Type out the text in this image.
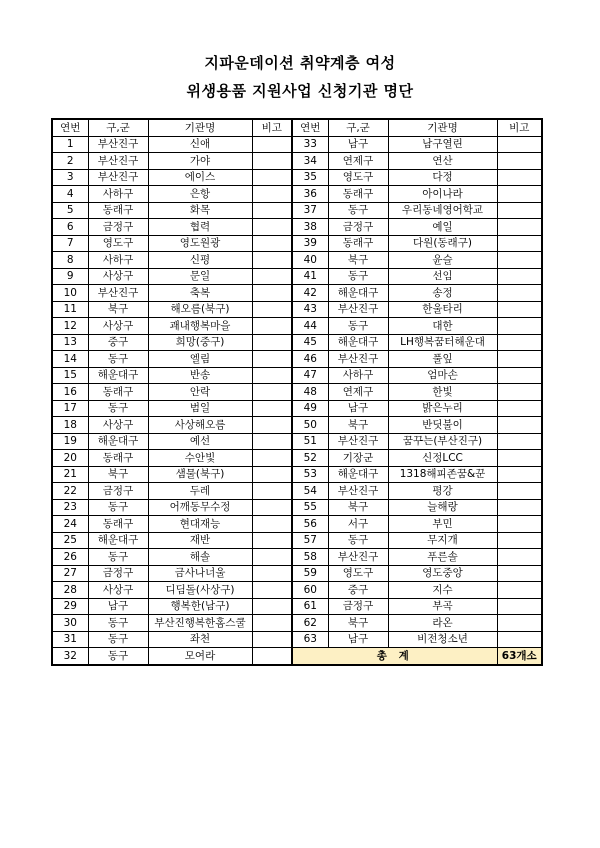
지파운데이션 취약계층 여성
위생용품 지원사업 신청기관 명단
연번	구,군	기관명	비고	연번	구,군	기관명	비고
1	부산진구	신애		33	남구	남구열린	
2	부산진구	가야		34	연제구	연산	
3	부산진구	에이스		35	영도구	다정	
4	사하구	은항		36	동래구	아이나라	
5	동래구	화목		37	동구	우리동네영어학교	
6	금정구	협력		38	금정구	예일	
7	영도구	영도원광		39	동래구	다원(동래구)	
8	사하구	신평		40	북구	윤슬	
9	사상구	문일		41	동구	선임	
10	부산진구	축복		42	해운대구	송정	
11	북구	해오름(북구)		43	부산진구	한울타리	
12	사상구	괘내행복마을		44	동구	대한	
13	중구	희망(중구)		45	해운대구	LH행복꿈터해운대	
14	동구	엘림		46	부산진구	풀잎	
15	해운대구	반송		47	사하구	엄마손	
16	동래구	안락		48	연제구	한빛	
17	동구	범일		49	남구	밝은누리	
18	사상구	사상해오름		50	북구	반딧불이	
19	해운대구	예선		51	부산진구	꿈꾸는(부산진구)	
20	동래구	수안빛		52	기장군	신정LCC	
21	북구	샘물(북구)		53	해운대구	1318해피존꿈&꾼	
22	금정구	두레		54	부산진구	평강	
23	동구	어깨동무수정		55	북구	늘해랑	
24	동래구	현대재능		56	서구	부민	
25	해운대구	재반		57	동구	무지개	
26	동구	해솔		58	부산진구	푸른솔	
27	금정구	금사나너울		59	영도구	영도중앙	
28	사상구	디딤돌(사상구)		60	중구	지수	
29	남구	행복한(남구)		61	금정구	부곡	
30	동구	부산진행복한홈스쿨		62	북구	라온	
31	동구	좌천		63	남구	비전청소년	
32	동구	모여라		총 계			63개소
